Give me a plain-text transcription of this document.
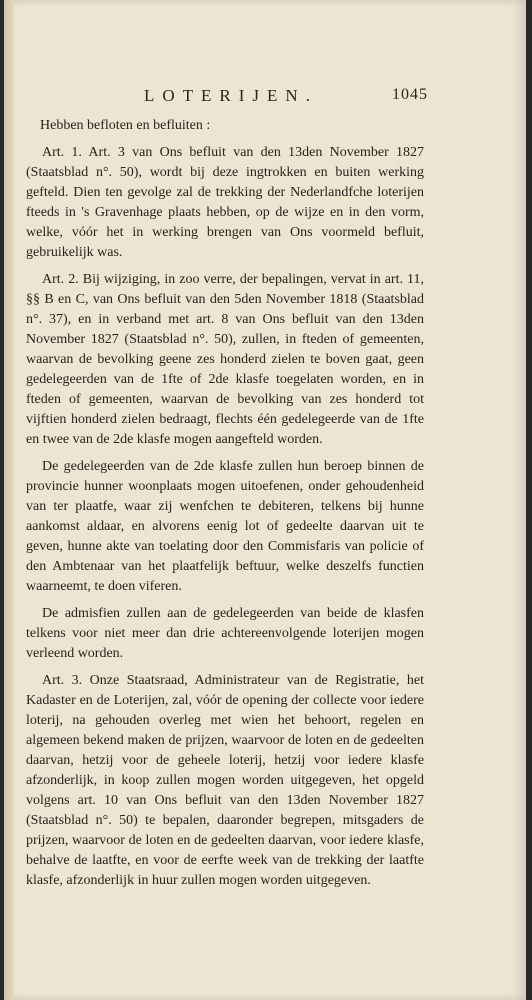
LOTERIJEN.	1045

Hebben befloten en befluiten :

Art. 1. Art. 3 van Ons befluit van den 13den November 1827 (Staatsblad n°. 50), wordt bij deze ingtrokken en buiten werking gefteld. Dien ten gevolge zal de trekking der Nederlandfche loterijen fteeds in 's Gravenhage plaats hebben, op de wijze en in den vorm, welke, vóór het in werking brengen van Ons voormeld befluit, gebruikelijk was.

Art. 2. Bij wijziging, in zoo verre, der bepalingen, vervat in art. 11, §§ B en C, van Ons befluit van den 5den November 1818 (Staatsblad n°. 37), en in verband met art. 8 van Ons befluit van den 13den November 1827 (Staatsblad n°. 50), zullen, in fteden of gemeenten, waarvan de bevolking geene zes honderd zielen te boven gaat, geen gedelegeerden van de 1fte of 2de klasfe toegelaten worden, en in fteden of gemeenten, waarvan de bevolking van zes honderd tot vijftien honderd zielen bedraagt, flechts één gedelegeerde van de 1fte en twee van de 2de klasfe mogen aangefteld worden.

De gedelegeerden van de 2de klasfe zullen hun beroep binnen de provincie hunner woonplaats mogen uitoefenen, onder gehoudenheid van ter plaatfe, waar zij wenfchen te debiteren, telkens bij hunne aankomst aldaar, en alvorens eenig lot of gedeelte daarvan uit te geven, hunne akte van toelating door den Commisfaris van policie of den Ambtenaar van het plaatfelijk beftuur, welke deszelfs functien waarneemt, te doen viferen.

De admisfien zullen aan de gedelegeerden van beide de klasfen telkens voor niet meer dan drie achtereenvolgende loterijen mogen verleend worden.

Art. 3. Onze Staatsraad, Administrateur van de Registratie, het Kadaster en de Loterijen, zal, vóór de opening der collecte voor iedere loterij, na gehouden overleg met wien het behoort, regelen en algemeen bekend maken de prijzen, waarvoor de loten en de gedeelten daarvan, hetzij voor de geheele loterij, hetzij voor iedere klasfe afzonderlijk, in koop zullen mogen worden uitgegeven, het opgeld volgens art. 10 van Ons befluit van den 13den November 1827 (Staatsblad n°. 50) te bepalen, daaronder begrepen, mitsgaders de prijzen, waarvoor de loten en de gedeelten daarvan, voor iedere klasfe, behalve de laatfte, en voor de eerfte week van de trekking der laatfte klasfe, afzonderlijk in huur zullen mogen worden uitgegeven.
